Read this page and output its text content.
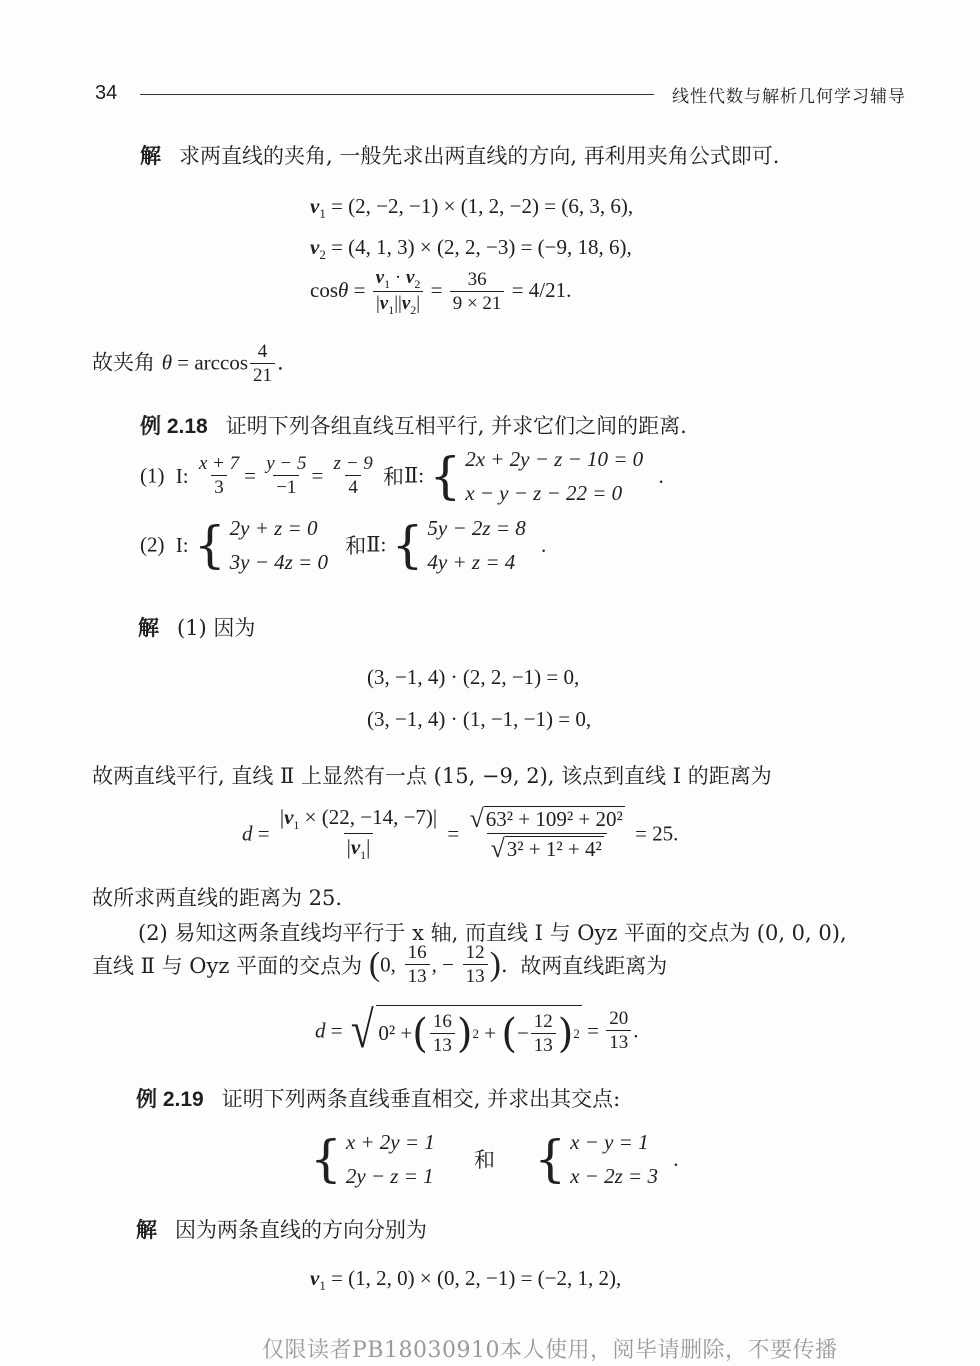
34	线性代数与解析几何学习辅导
解 求两直线的夹角, 一般先求出两直线的方向, 再利用夹角公式即可.
$v_1 = (2$, −2, −1) × (1, 2, −2) = (6, 3, 6),
$v_2 = (4$, 1, 3) × (2, 2, −3) = (−9, 18, 6),
$\cos\theta = \frac{v_1 \cdot v_2}{|v_1||v_2|} = \frac{36}{9 \times 21} = 4/21$.
故夹角 $\theta = \arccos \frac{4}{21}$ .
例 2.18 证明下列各组直线互相平行, 并求它们之间的距离.
(1) I: $\frac{x + 7}{3} = \frac{y - 5}{-1} = \frac{z - 9}{4}$ 和Ⅱ: { 2x + 2y − z − 10 = 0
x − y − z − 22 = 0
.
(2) I: { 2y + z = 0
3y − 4z = 0
和Ⅱ: { 5y − 2z = 8
4y + z = 4
.
解 (1) 因为
(3, −1, 4) · (2, 2, −1) = 0,
(3, −1, 4) · (1, −1, −1) = 0,
故两直线平行, 直线 Ⅱ 上显然有一点 (15, −9, 2), 该点到直线 I 的距离为
$d = \frac{|v_1 \times (22, -14, -7)|}{|v_1|} = \frac{\text{√ 63² + 109² + 20²}}{\text{√ 3² + 1² + 4²}} = 25$.
故所求两直线的距离为 25.
(2) 易知这两条直线均平行于 x 轴, 而直线 I 与 Oyz 平面的交点为 (0, 0, 0),
直线 Ⅱ 与 Oyz 平面的交点为 (0, $\frac{16}{13}$ , − $\frac{12}{13}$ ). 故两直线距离为
d = √ 0² + ( $\frac{16}{13}$ ) 2 + ( − $\frac{12}{13}$ ) $2 = \frac{20}{13}$ .
例 2.19 证明下列两条直线垂直相交, 并求出其交点:
{ x + 2y = 1
2y − z = 1
和 { x − y = 1
x − 2z = 3
.
解 因为两条直线的方向分别为
$v_1 = (1$, 2, 0) × (0, 2, −1) = (−2, 1, 2),
仅限读者PB18030910本人使用，阅毕请删除，不要传播
